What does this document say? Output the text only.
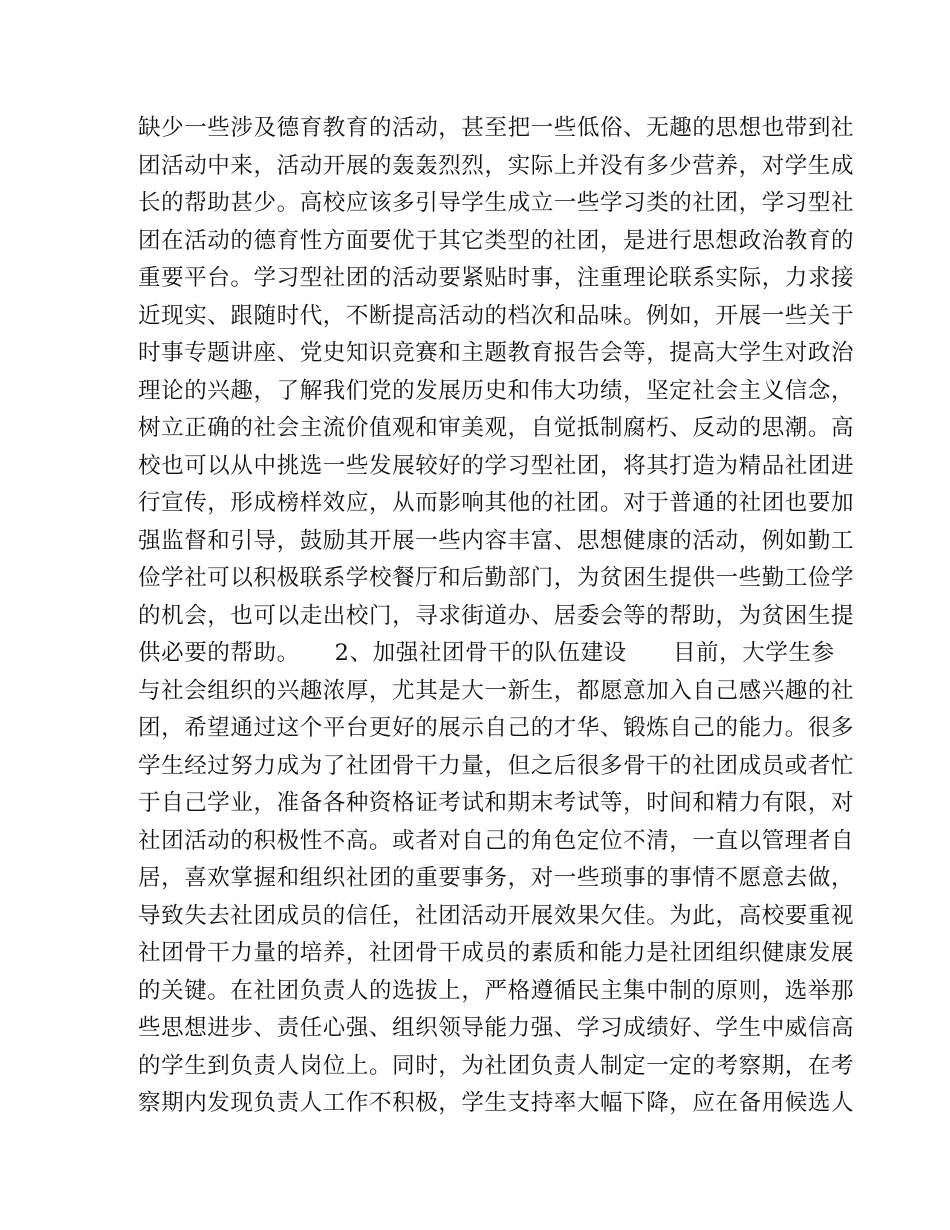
缺少一些涉及德育教育的活动，甚至把一些低俗、无趣的思想也带到社
团活动中来，活动开展的轰轰烈烈，实际上并没有多少营养，对学生成
长的帮助甚少。高校应该多引导学生成立一些学习类的社团，学习型社
团在活动的德育性方面要优于其它类型的社团，是进行思想政治教育的
重要平台。学习型社团的活动要紧贴时事，注重理论联系实际，力求接
近现实、跟随时代，不断提高活动的档次和品味。例如，开展一些关于
时事专题讲座、党史知识竞赛和主题教育报告会等，提高大学生对政治
理论的兴趣，了解我们党的发展历史和伟大功绩，坚定社会主义信念，
树立正确的社会主流价值观和审美观，自觉抵制腐朽、反动的思潮。高
校也可以从中挑选一些发展较好的学习型社团，将其打造为精品社团进
行宣传，形成榜样效应，从而影响其他的社团。对于普通的社团也要加
强监督和引导，鼓励其开展一些内容丰富、思想健康的活动，例如勤工
俭学社可以积极联系学校餐厅和后勤部门，为贫困生提供一些勤工俭学
的机会，也可以走出校门，寻求街道办、居委会等的帮助，为贫困生提
供必要的帮助。　　2、加强社团骨干的队伍建设　　目前，大学生参
与社会组织的兴趣浓厚，尤其是大一新生，都愿意加入自己感兴趣的社
团，希望通过这个平台更好的展示自己的才华、锻炼自己的能力。很多
学生经过努力成为了社团骨干力量，但之后很多骨干的社团成员或者忙
于自己学业，准备各种资格证考试和期末考试等，时间和精力有限，对
社团活动的积极性不高。或者对自己的角色定位不清，一直以管理者自
居，喜欢掌握和组织社团的重要事务，对一些琐事的事情不愿意去做，
导致失去社团成员的信任，社团活动开展效果欠佳。为此，高校要重视
社团骨干力量的培养，社团骨干成员的素质和能力是社团组织健康发展
的关键。在社团负责人的选拔上，严格遵循民主集中制的原则，选举那
些思想进步、责任心强、组织领导能力强、学习成绩好、学生中威信高
的学生到负责人岗位上。同时，为社团负责人制定一定的考察期，在考
察期内发现负责人工作不积极，学生支持率大幅下降，应在备用候选人
